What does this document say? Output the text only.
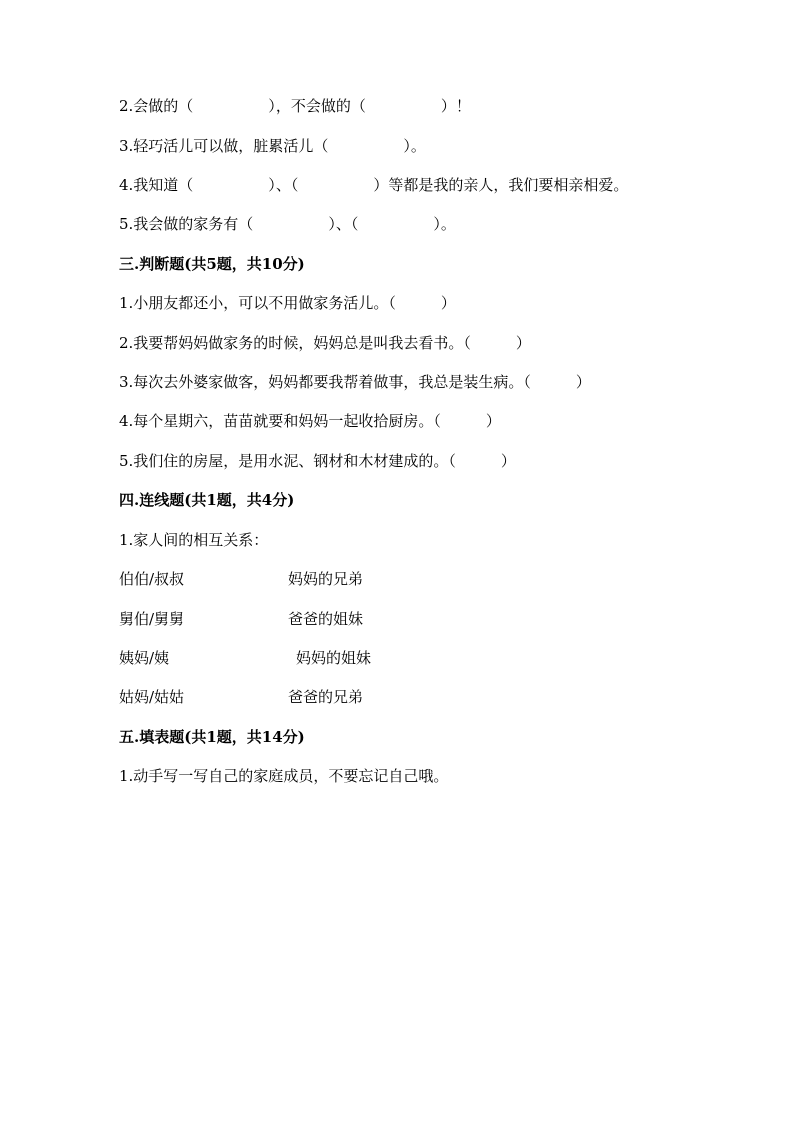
2.会做的（　　　　　），不会做的（　　　　　）！
3.轻巧活儿可以做，脏累活儿（　　　　　）。
4.我知道（　　　　　）、（　　　　　）等都是我的亲人，我们要相亲相爱。
5.我会做的家务有（　　　　　）、（　　　　　）。
三.判断题(共5题，共10分)
1.小朋友都还小，可以不用做家务活儿。（　　　）
2.我要帮妈妈做家务的时候，妈妈总是叫我去看书。（　　　）
3.每次去外婆家做客，妈妈都要我帮着做事，我总是装生病。（　　　）
4.每个星期六，苗苗就要和妈妈一起收拾厨房。（　　　）
5.我们住的房屋，是用水泥、钢材和木材建成的。（　　　）
四.连线题(共1题，共4分)
1.家人间的相互关系：
伯伯/叔叔	妈妈的兄弟
舅伯/舅舅	爸爸的姐妹
姨妈/姨	妈妈的姐妹
姑妈/姑姑	爸爸的兄弟
五.填表题(共1题，共14分)
1.动手写一写自己的家庭成员，不要忘记自己哦。
